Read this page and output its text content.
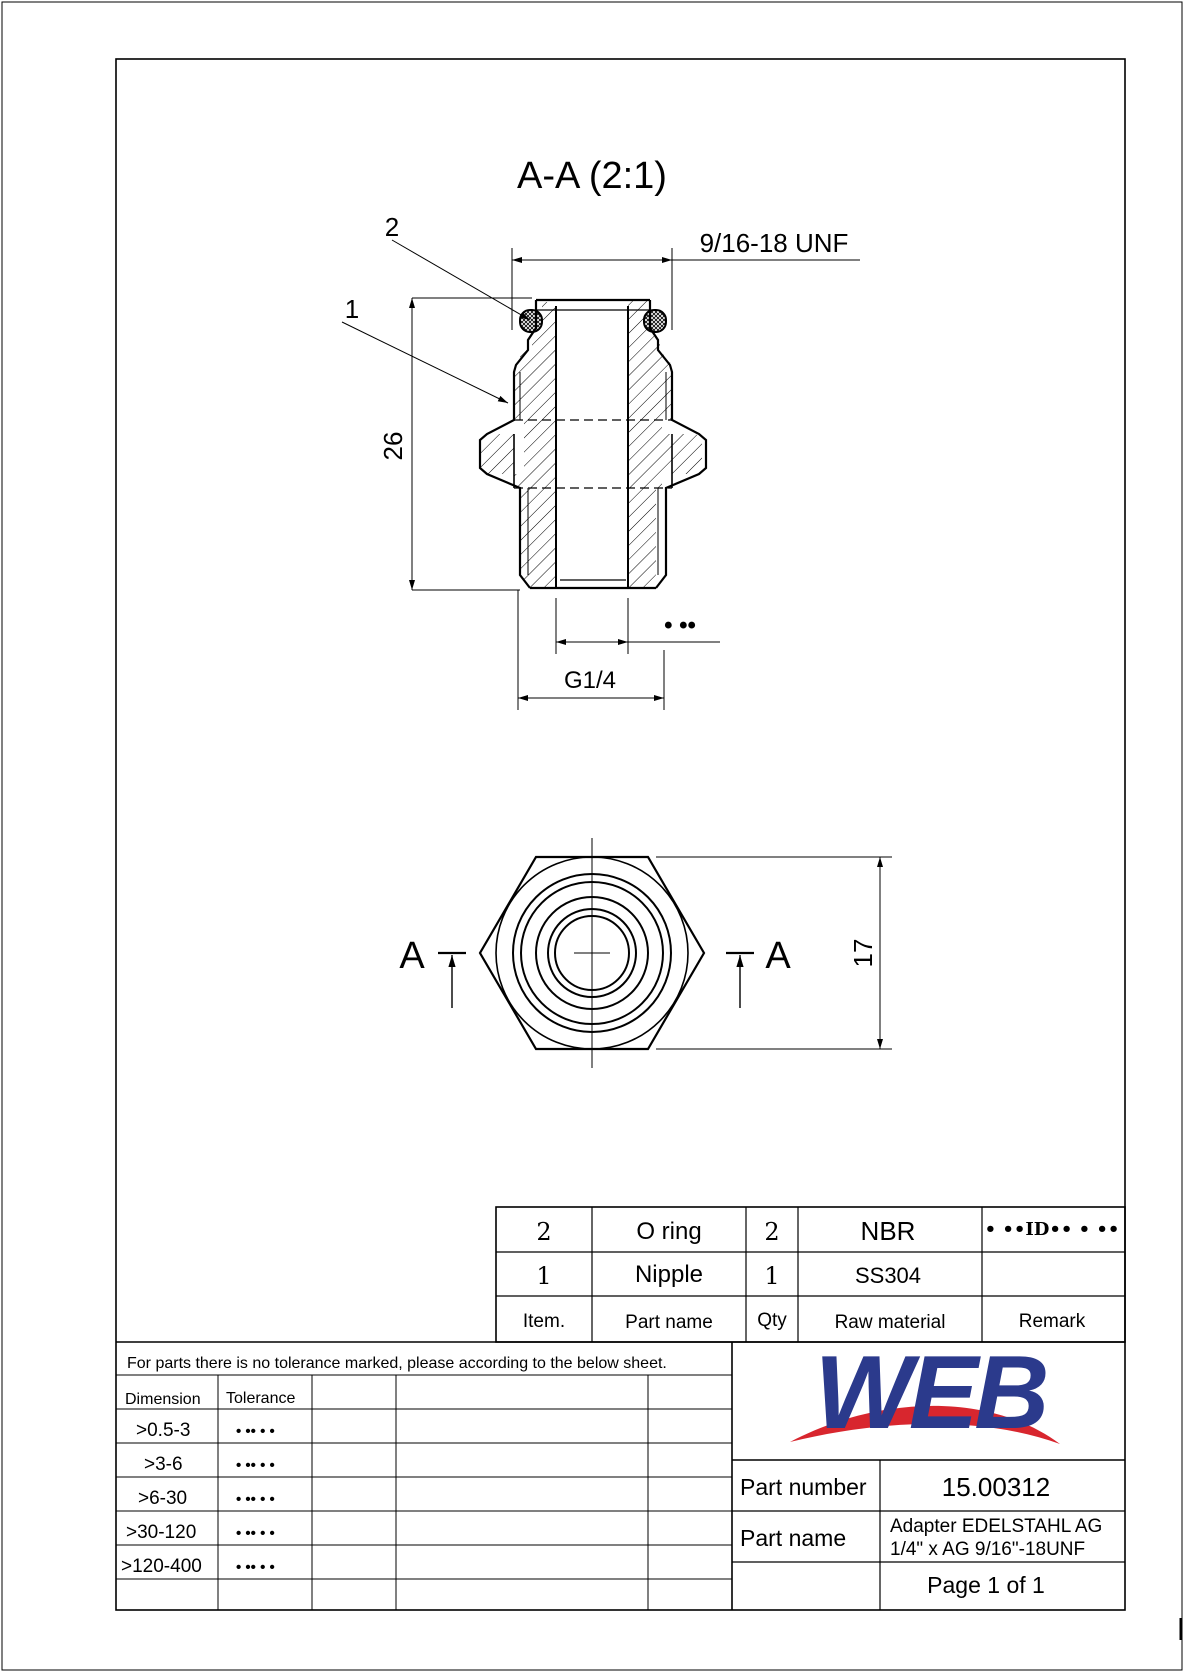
A-A (2:1)
9/16-18 UNF
26
G1/4
• ••
2
1
A	A 17
2	O ring	2	NBR	• ••ID•• • ••
1	Nipple	1	SS304
Item.	Part name Qty	Raw material	Remark
For parts there is no tolerance marked, please according to the below sheet.
Dimension Tolerance
>0.5-3	• •• • •
>3-6	• •• • •
>6-30	• •• • •
>30-120	• •• • •
>120-400 • •• • •
WEB
Part number	15.00312
Part name Adapter EDELSTAHL AG
1/4" x AG 9/16"-18UNF
Page 1 of 1
